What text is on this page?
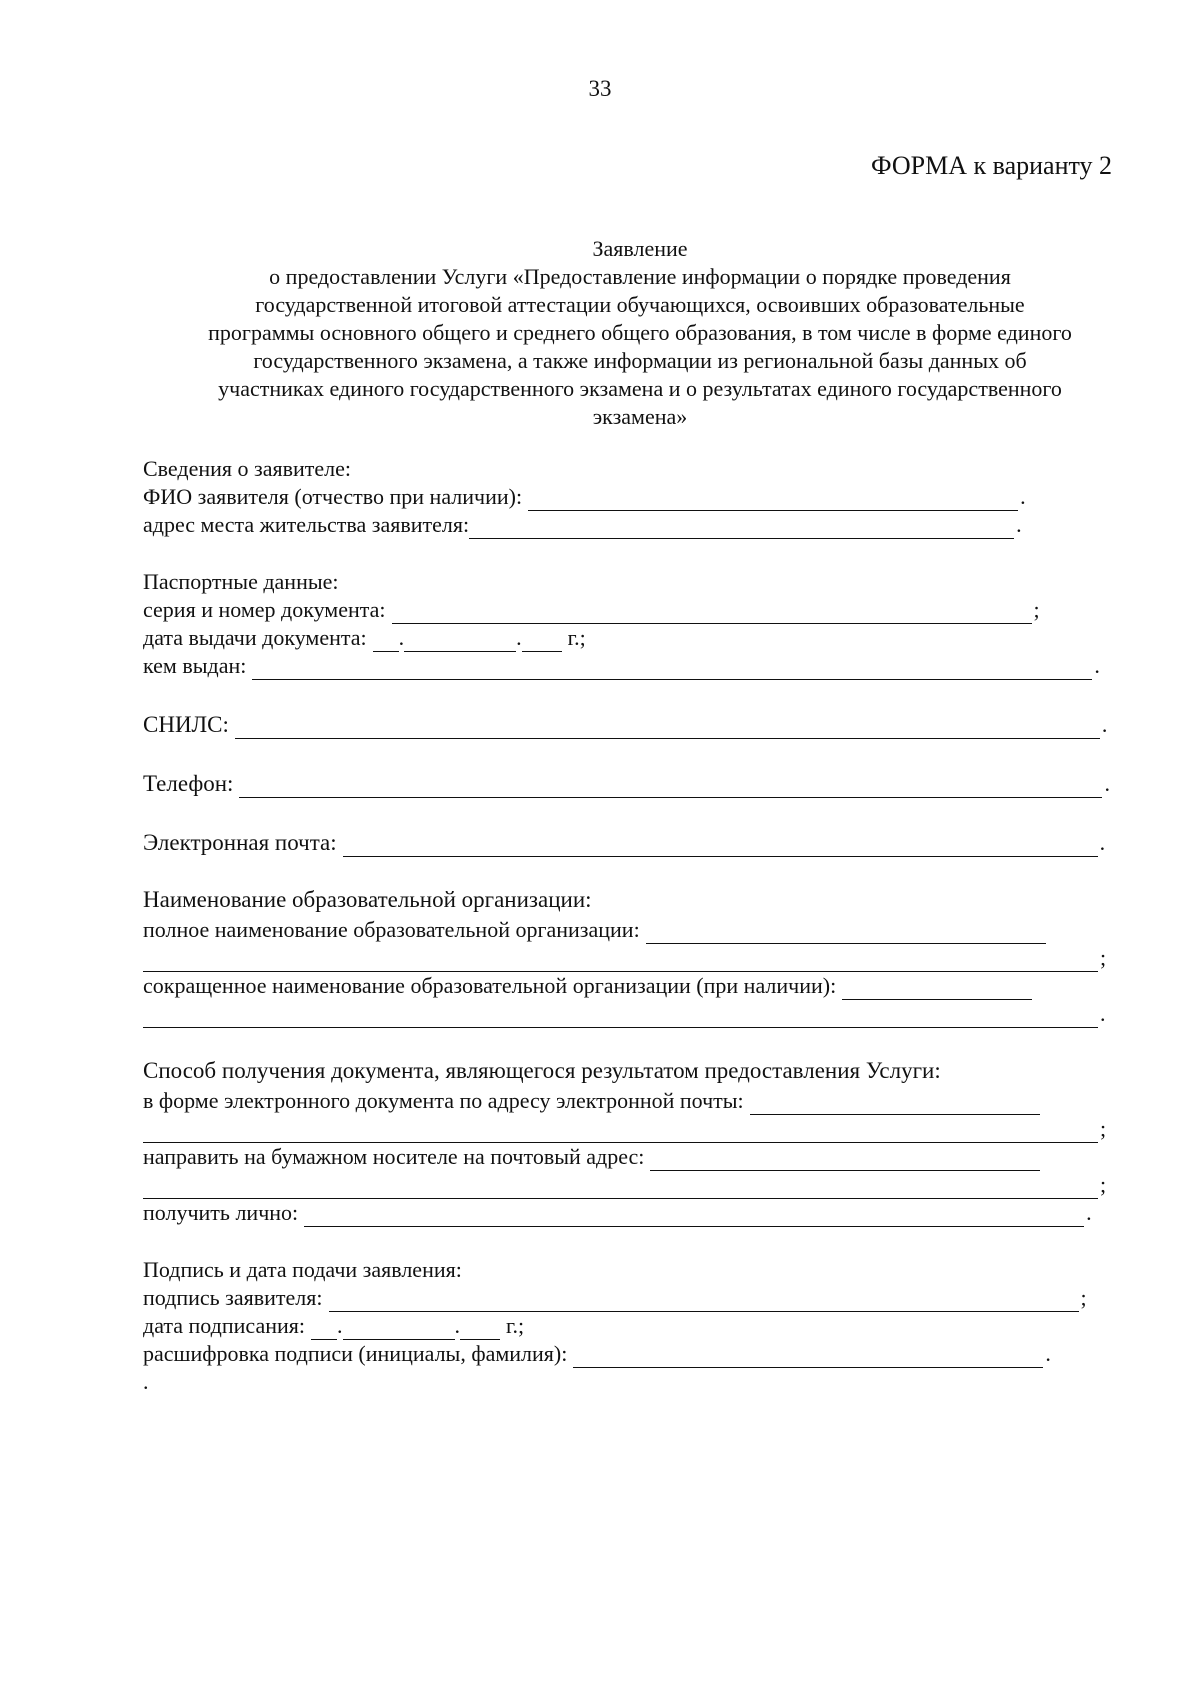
33
ФОРМА к варианту 2
Заявление
о предоставлении Услуги «Предоставление информации о порядке проведения
государственной итоговой аттестации обучающихся, освоивших образовательные
программы основного общего и среднего общего образования, в том числе в форме единого
государственного экзамена, а также информации из региональной базы данных об
участниках единого государственного экзамена и о результатах единого государственного
экзамена»
Сведения о заявителе:
ФИО заявителя (отчество при наличии):	.
адрес места жительства заявителя:	.
Паспортные данные:
серия и номер документа:	;
дата выдачи документа: .	. г.;
кем выдан:	.
СНИЛС:	.
Телефон:	.
Электронная почта:	.
Наименование образовательной организации:
полное наименование образовательной организации:
;
сокращенное наименование образовательной организации (при наличии):
.
Способ получения документа, являющегося результатом предоставления Услуги:
в форме электронного документа по адресу электронной почты:
;
направить на бумажном носителе на почтовый адрес:
;
получить лично:	.
Подпись и дата подачи заявления:
подпись заявителя:	;
дата подписания: .	. г.;
расшифровка подписи (инициалы, фамилия):	.
.
